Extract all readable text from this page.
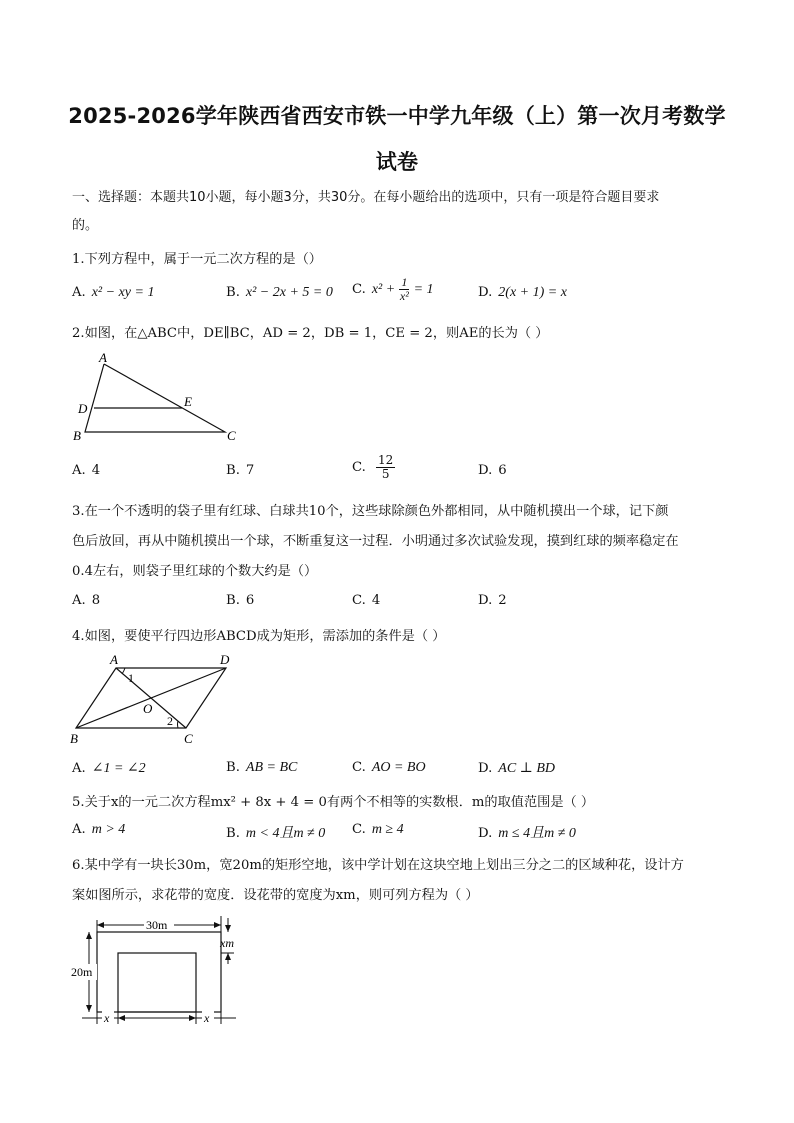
2025-2026学年陕西省西安市铁一中学九年级（上）第一次月考数学
试卷
一、选择题：本题共10小题，每小题3分，共30分。在每小题给出的选项中，只有一项是符合题目要求
的。
1.下列方程中，属于一元二次方程的是（）
A. x² − xy = 1	B. x² − 2x + 5 = 0 C. $x^2 + \frac{1}{\text{x²}} = 1$	D. 2(x + 1) = x
2.如图，在△ABC中，DE∥BC，AD = 2，DB = 1，CE = 2，则AE的长为（ ）
A
D	E
B	C
A. 4	B. 7	C. $\frac{12}{5}$	D. 6
3.在一个不透明的袋子里有红球、白球共10个，这些球除颜色外都相同，从中随机摸出一个球，记下颜
色后放回，再从中随机摸出一个球，不断重复这一过程．小明通过多次试验发现，摸到红球的频率稳定在
0.4左右，则袋子里红球的个数大约是（）
A. 8	B. 6	C. 4	D. 2
4.如图，要使平行四边形ABCD成为矩形，需添加的条件是（ ）
A	D
B	C
O
1
2
A. ∠1 = ∠2	B. AB = BC	C. AO = BO	D. AC ⊥ BD
5.关于x的一元二次方程mx² + 8x + 4 = 0有两个不相等的实数根．m的取值范围是（ ）
A. m > 4	B. m < 4且m ≠ 0 C. m ≥ 4	D. m ≤ 4且m ≠ 0
6.某中学有一块长30m，宽20m的矩形空地，该中学计划在这块空地上划出三分之二的区域种花，设计方
案如图所示，求花带的宽度．设花带的宽度为xm，则可列方程为（ ）
30m
20m
xm
x	x
